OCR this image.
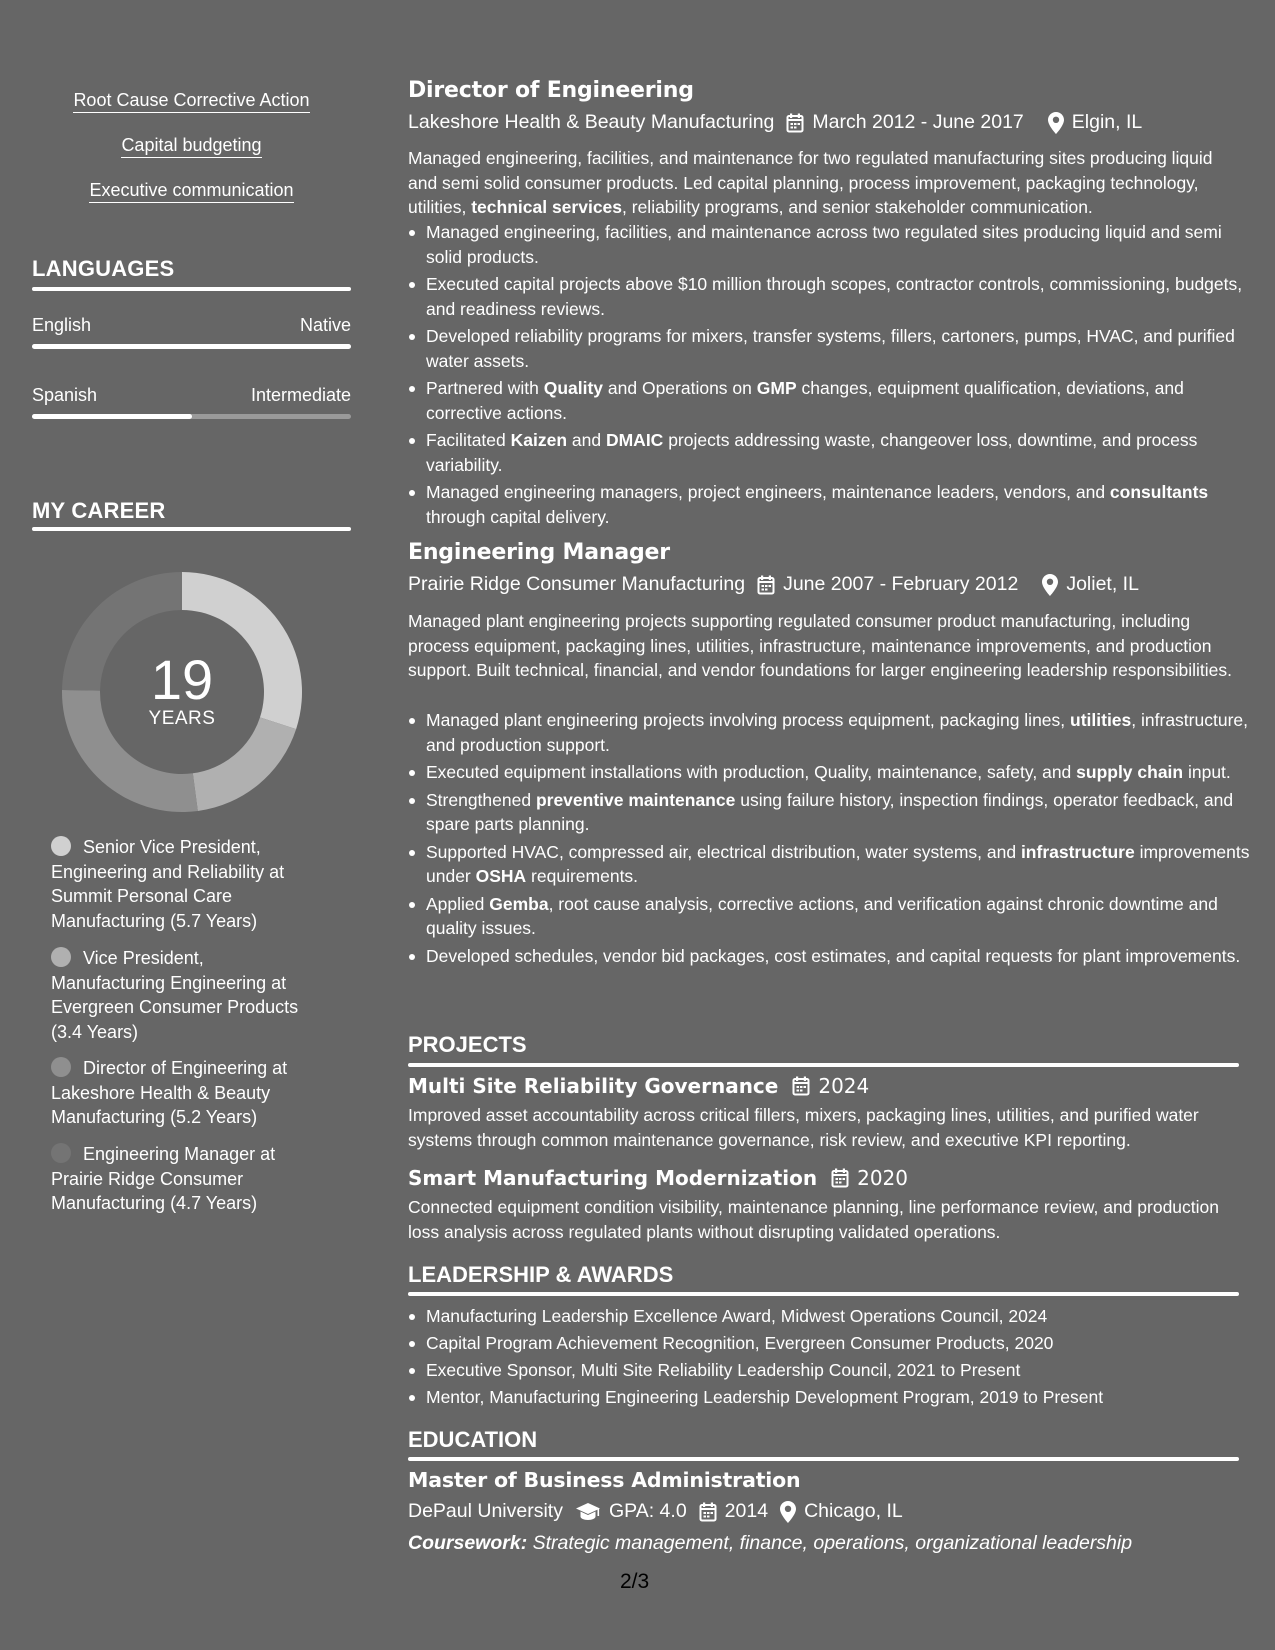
Root Cause Corrective Action
Capital budgeting
Executive communication
LANGUAGES
English	Native
Spanish	Intermediate
MY CAREER
19
YEARS
Senior Vice President, Engineering and Reliability at Summit Personal Care Manufacturing (5.7 Years)
Vice President, Manufacturing Engineering at Evergreen Consumer Products (3.4 Years)
Director of Engineering at Lakeshore Health & Beauty Manufacturing (5.2 Years)
Engineering Manager at Prairie Ridge Consumer Manufacturing (4.7 Years)
Director of Engineering
Lakeshore Health & Beauty Manufacturing March 2012 - June 2017 Elgin, IL
Managed engineering, facilities, and maintenance for two regulated manufacturing sites producing liquid and semi solid consumer products. Led capital planning, process improvement, packaging technology, utilities, technical services, reliability programs, and senior stakeholder communication.
Managed engineering, facilities, and maintenance across two regulated sites producing liquid and semi solid products.
Executed capital projects above $10 million through scopes, contractor controls, commissioning, budgets, and readiness reviews.
Developed reliability programs for mixers, transfer systems, fillers, cartoners, pumps, HVAC, and purified water assets.
Partnered with Quality and Operations on GMP changes, equipment qualification, deviations, and corrective actions.
Facilitated Kaizen and DMAIC projects addressing waste, changeover loss, downtime, and process variability.
Managed engineering managers, project engineers, maintenance leaders, vendors, and consultants through capital delivery.
Engineering Manager
Prairie Ridge Consumer Manufacturing June 2007 - February 2012 Joliet, IL
Managed plant engineering projects supporting regulated consumer product manufacturing, including process equipment, packaging lines, utilities, infrastructure, maintenance improvements, and production support. Built technical, financial, and vendor foundations for larger engineering leadership responsibilities.
Managed plant engineering projects involving process equipment, packaging lines, utilities, infrastructure, and production support.
Executed equipment installations with production, Quality, maintenance, safety, and supply chain input.
Strengthened preventive maintenance using failure history, inspection findings, operator feedback, and spare parts planning.
Supported HVAC, compressed air, electrical distribution, water systems, and infrastructure improvements under OSHA requirements.
Applied Gemba, root cause analysis, corrective actions, and verification against chronic downtime and quality issues.
Developed schedules, vendor bid packages, cost estimates, and capital requests for plant improvements.
PROJECTS
Multi Site Reliability Governance 2024
Improved asset accountability across critical fillers, mixers, packaging lines, utilities, and purified water systems through common maintenance governance, risk review, and executive KPI reporting.
Smart Manufacturing Modernization 2020
Connected equipment condition visibility, maintenance planning, line performance review, and production loss analysis across regulated plants without disrupting validated operations.
LEADERSHIP & AWARDS
Manufacturing Leadership Excellence Award, Midwest Operations Council, 2024
Capital Program Achievement Recognition, Evergreen Consumer Products, 2020
Executive Sponsor, Multi Site Reliability Leadership Council, 2021 to Present
Mentor, Manufacturing Engineering Leadership Development Program, 2019 to Present
EDUCATION
Master of Business Administration
DePaul University GPA: 4.0 2014 Chicago, IL
Coursework: Strategic management, finance, operations, organizational leadership
2/3
